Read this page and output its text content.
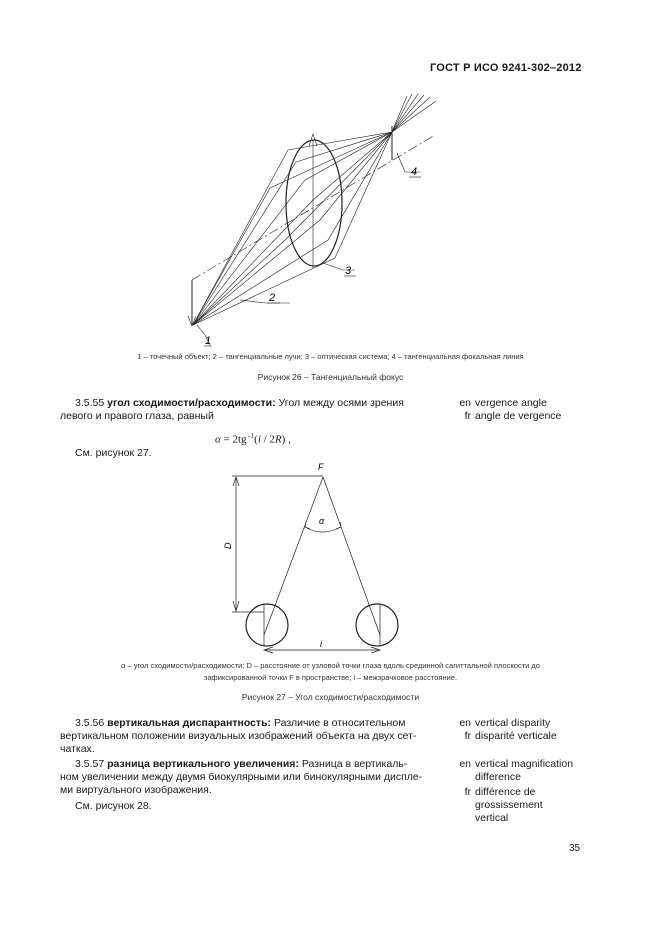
ГОСТ Р ИСО 9241-302–2012
1
2
3
4
1 – точечный объект; 2 – тангенциальные лучи; 3 – оптическая система; 4 – тангенциальная фокальная линия
Рисунок 26 – Тангенциальный фокус
3.5.55 угол сходимости/расходимости: Угол между осями зрения
левого и правого глаза, равный
en vergence angle
fr angle de vergence
α = 2tg $^{-1}$(i / 2R) ,
См. рисунок 27.
F
D
α
i
α – угол сходимости/расходимости; D – расстояние от узловой точки глаза вдоль срединной сагиттальной плоскости до
зафиксированной точки F в пространстве; i – межзрачковое расстояние.
Рисунок 27 – Угол сходимости/расходимости
3.5.56 вертикальная диспарантность: Различие в относительном
вертикальном положении визуальных изображений объекта на двух сет-
чатках.
en vertical disparity
fr disparité verticale
3.5.57 разница вертикального увеличения: Разница в вертикаль-
ном увеличении между двумя биокулярными или бинокулярными диспле-
ми виртуального изображения.
en vertical magnification
difference
fr différence de
grossissement
vertical
См. рисунок 28.
35
